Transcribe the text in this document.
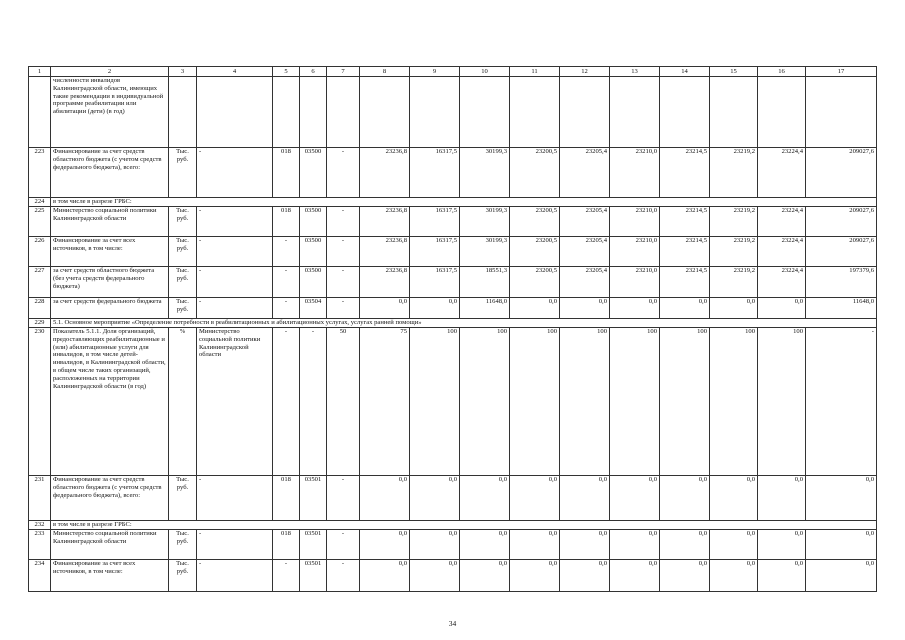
1	2	3	4	5	6	7	8	9	10	11	12	13	14	15	16	17
	численности инвалидов Калининградской области, имеющих такие рекомендации в индивидуальной программе реабилитации или абилитации (дети) (в год)															
223	Финансирование за счет средств областного бюджета (с учетом средств федерального бюджета), всего:	Тыс. руб.	-	018	03500	-	23236,8	16317,5	30199,3	23200,5	23205,4	23210,0	23214,5	23219,2	23224,4	209027,6
224	в том числе в разрезе ГРБС:															
225	Министерство социальной политики Калининградской области	Тыс. руб.	-	018	03500	-	23236,8	16317,5	30199,3	23200,5	23205,4	23210,0	23214,5	23219,2	23224,4	209027,6
226	Финансирование за счет всех источников, в том числе:	Тыс. руб.	-	-	03500	-	23236,8	16317,5	30199,3	23200,5	23205,4	23210,0	23214,5	23219,2	23224,4	209027,6
227	за счет средств областного бюджета (без учета средств федерального бюджета)	Тыс. руб.	-	-	03500	-	23236,8	16317,5	18551,3	23200,5	23205,4	23210,0	23214,5	23219,2	23224,4	197379,6
228	за счет средств федерального бюджета	Тыс. руб.	-	-	03504	-	0,0	0,0	11648,0	0,0	0,0	0,0	0,0	0,0	0,0	11648,0
229	5.1. Основное мероприятие «Определение потребности в реабилитационных и абилитационных услугах, услугах ранней помощи»															
230	Показатель 5.1.1. Доля организаций, предоставляющих реабилитационные и (или) абилитационные услуги для инвалидов, в том числе детей-инвалидов, в Калининградской области, в общем числе таких организаций, расположенных на территории Калининградской области (в год)	%	Министерство социальной политики Калининградской области	-	-	50	75	100	100	100	100	100	100	100	100	-
231	Финансирование за счет средств областного бюджета (с учетом средств федерального бюджета), всего:	Тыс. руб.	-	018	03501	-	0,0	0,0	0,0	0,0	0,0	0,0	0,0	0,0	0,0	0,0
232	в том числе в разрезе ГРБС:															
233	Министерство социальной политики Калининградской области	Тыс. руб.	-	018	03501	-	0,0	0,0	0,0	0,0	0,0	0,0	0,0	0,0	0,0	0,0
234	Финансирование за счет всех источников, в том числе:	Тыс. руб.	-	-	03501	-	0,0	0,0	0,0	0,0	0,0	0,0	0,0	0,0	0,0	0,0
34
